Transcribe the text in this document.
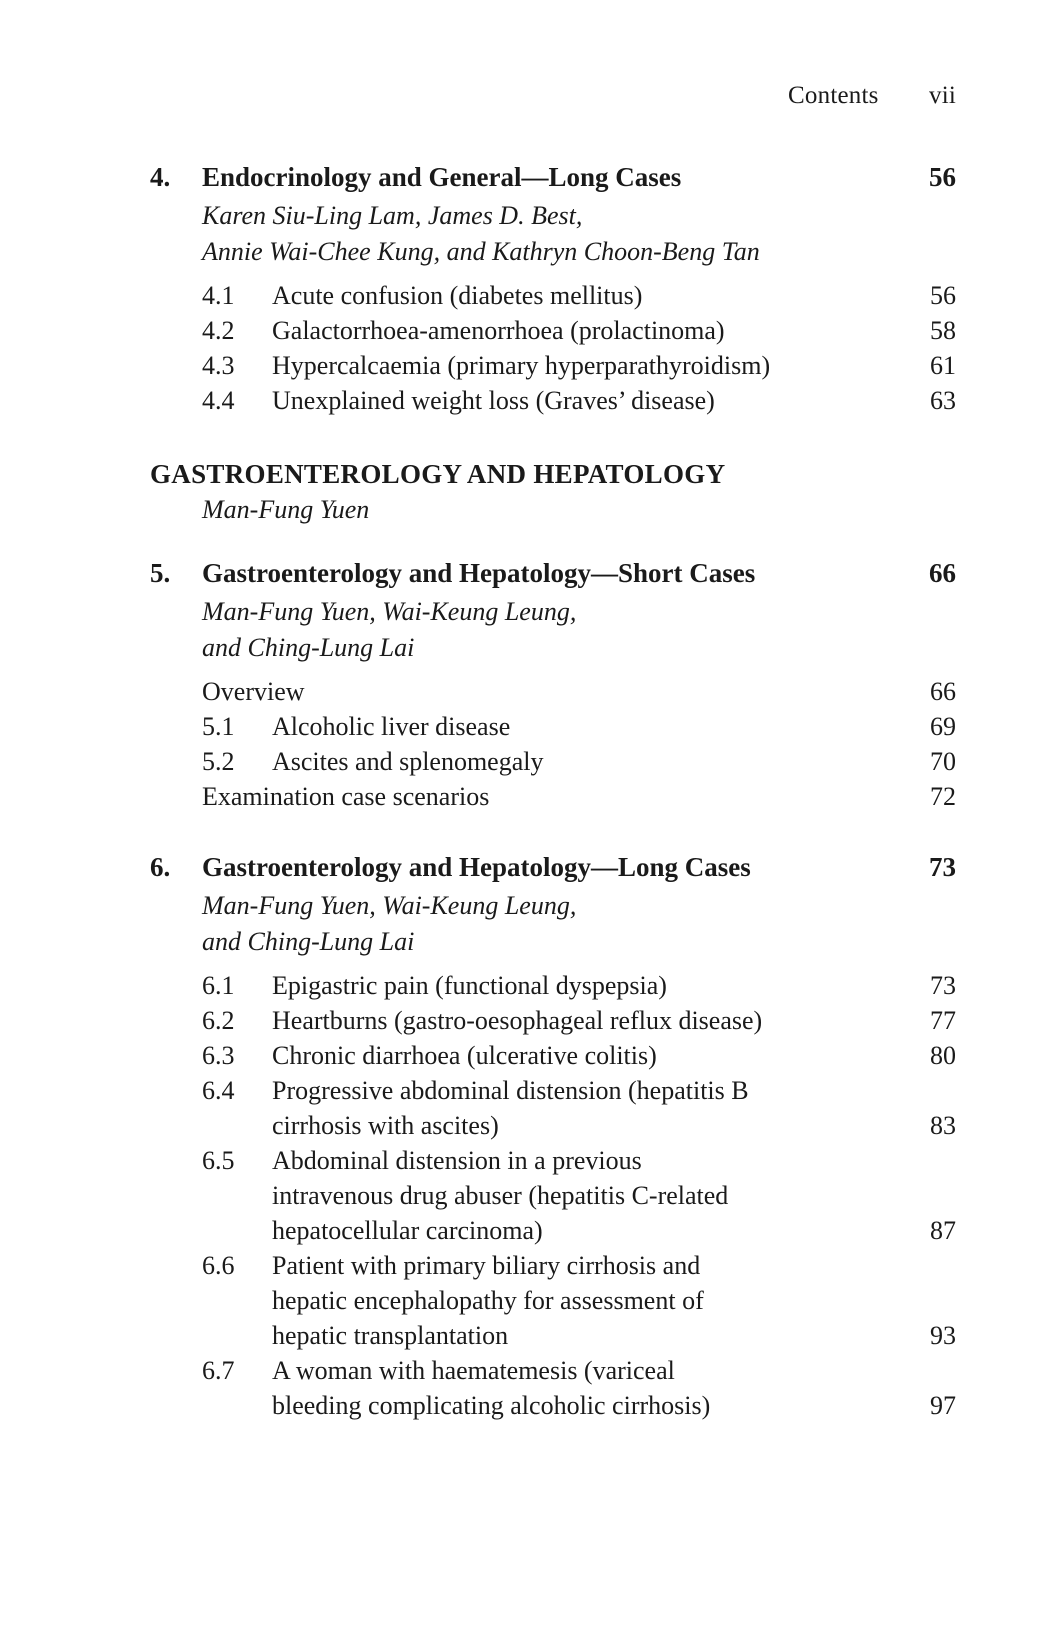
Contents vii
4. Endocrinology and General—Long Cases	56
Karen Siu-Ling Lam, James D. Best,
Annie Wai-Chee Kung, and Kathryn Choon-Beng Tan
4.1	Acute confusion (diabetes mellitus)	56
4.2	Galactorrhoea-amenorrhoea (prolactinoma)	58
4.3	Hypercalcaemia (primary hyperparathyroidism)	61
4.4	Unexplained weight loss (Graves’ disease)	63
GASTROENTEROLOGY AND HEPATOLOGY
Man-Fung Yuen
5. Gastroenterology and Hepatology—Short Cases	66
Man-Fung Yuen, Wai-Keung Leung,
and Ching-Lung Lai
Overview	66
5.1	Alcoholic liver disease	69
5.2	Ascites and splenomegaly	70
Examination case scenarios	72
6. Gastroenterology and Hepatology—Long Cases	73
Man-Fung Yuen, Wai-Keung Leung,
and Ching-Lung Lai
6.1	Epigastric pain (functional dyspepsia)	73
6.2	Heartburns (gastro-oesophageal reflux disease)	77
6.3	Chronic diarrhoea (ulcerative colitis)	80
6.4	Progressive abdominal distension (hepatitis B
cirrhosis with ascites)	83
6.5	Abdominal distension in a previous
intravenous drug abuser (hepatitis C-related
hepatocellular carcinoma)	87
6.6	Patient with primary biliary cirrhosis and
hepatic encephalopathy for assessment of
hepatic transplantation	93
6.7	A woman with haematemesis (variceal
bleeding complicating alcoholic cirrhosis)	97
